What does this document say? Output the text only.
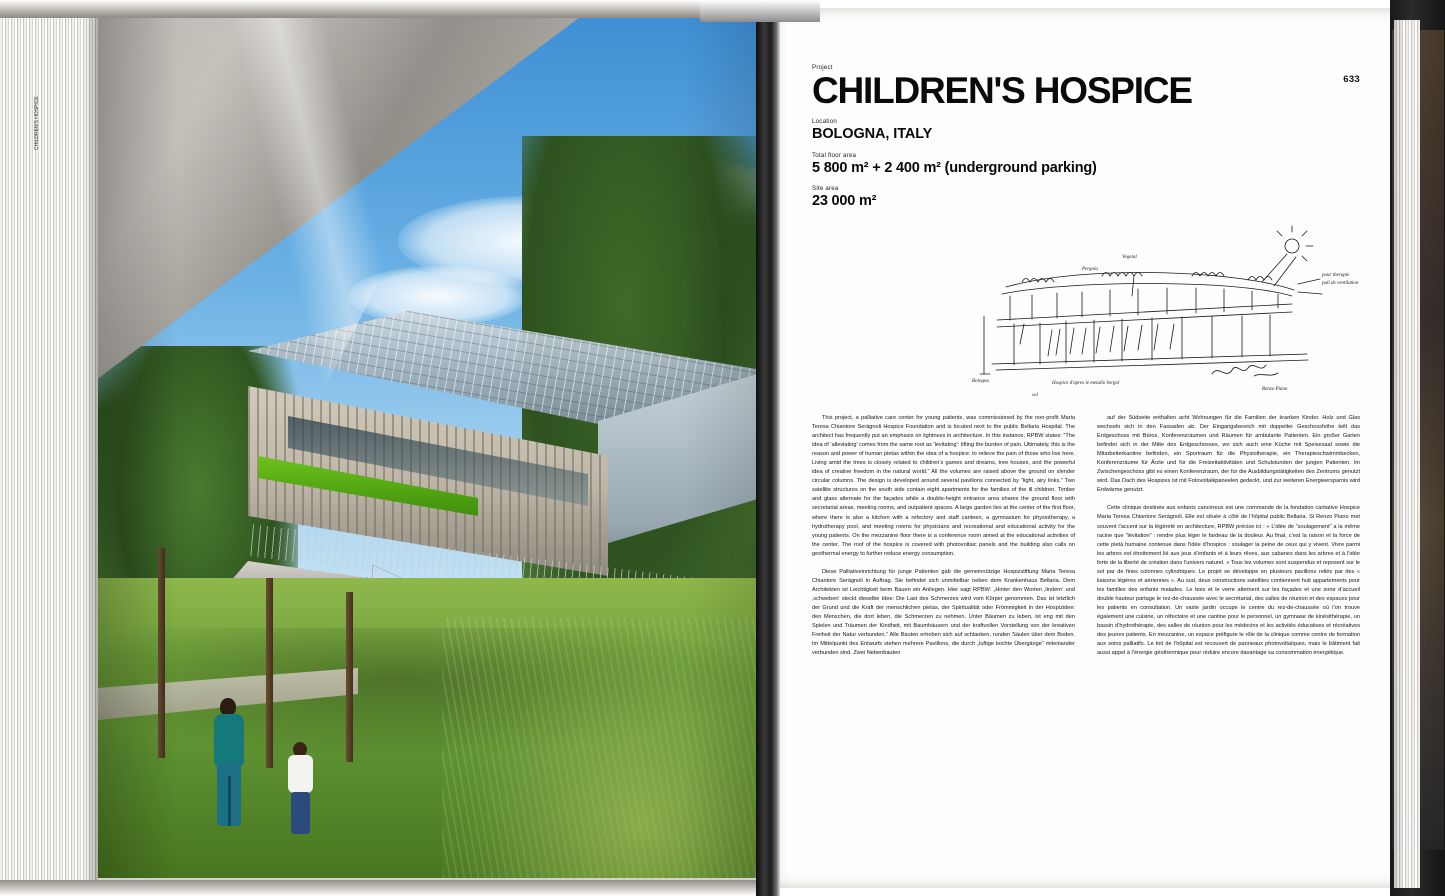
CHILDREN'S HOSPICE
633
Project
CHILDREN'S HOSPICE
Location
BOLOGNA, ITALY
Total floor area
5 800 m² + 2 400 m² (underground parking)
Site area
23 000 m²
Pergola
Vegetal
Bologna	Hospice d'apres le metallo bergol
sol
pour therapie
pull de ventilation
Renzo Piano

This project, a palliative care center for young patients, was commissioned by the non-profit Maria Teresa Chiantore Seràgnoli Hospice Foundation and is located next to the public Bellaria Hospital. The architect has frequently put an emphasis on lightness in architecture. In this instance, RPBW states: “The idea of ‘alleviating’ comes from the same root as ‘levitating’: lifting the burden of pain. Ultimately, this is the reason and power of human pietas within the idea of a hospice: to relieve the pain of those who live here. Living amid the trees is closely related to children’s games and dreams, tree houses, and the powerful idea of creative freedom in the natural world.” All the volumes are raised above the ground on slender circular columns. The design is developed around several pavilions connected by “light, airy links.” Two satellite structures on the south side contain eight apartments for the families of the ill children. Timber and glass alternate for the façades while a double-height entrance area shares the ground floor with secretarial areas, meeting rooms, and outpatient spaces. A large garden lies at the center of the first floor, where there is also a kitchen with a refectory and staff canteen, a gymnasium for physiotherapy, a hydrotherapy pool, and meeting rooms for physicians and recreational and educational activity for the young patients. On the mezzanine floor there is a conference room aimed at the educational activities of the center. The roof of the hospice is covered with photovoltaic panels and the building also calls on geothermal energy to further reduce energy consumption.

Diese Palliativeinrichtung für junge Patienten gab die gemeinnützige Hospizstiftung Maria Teresa Chiantore Seràgnoli in Auftrag. Sie befindet sich unmittelbar neben dem Krankenhaus Bellaria. Dem Architekten ist Leichtigkeit beim Bauen ein Anliegen. Hier sagt RPBW: „Hinter den Worten ‚lindern‘ und ‚schweben‘ steckt dieselbe Idee: Die Last des Schmerzes wird vom Körper genommen. Das ist letztlich der Grund und die Kraft der menschlichen pietas, der Spiritualität oder Frömmigkeit in der Hospizidee: den Menschen, die dort leben, die Schmerzen zu nehmen. Unter Bäumen zu leben, ist eng mit den Spielen und Träumen der Kindheit, mit Baumhäusern und der kraftvollen Vorstellung von der kreativen Freiheit der Natur verbunden.“ Alle Bauten erheben sich auf schlanken, runden Säulen über dem Boden. Im Mittelpunkt des Entwurfs stehen mehrere Pavillons, die durch „luftige leichte Übergänge“ miteinander verbunden sind. Zwei Nebenbauten

auf der Südseite enthalten acht Wohnungen für die Familien der kranken Kinder. Holz und Glas wechseln sich in den Fassaden ab. Der Eingangsbereich mit doppelter Geschosshöhe teilt das Erdgeschoss mit Büros, Konferenzräumen und Räumen für ambulante Patienten. Ein großer Garten befindet sich in der Mitte des Erdgeschosses, wo sich auch eine Küche mit Speisesaal sowie die Mitarbeiterkantine befinden, ein Sportraum für die Physiotherapie, ein Therapieschwimmbecken, Konferenzräume für Ärzte und für die Freizeitaktivitäten und Schulstunden der jungen Patienten. Im Zwischengeschoss gibt es einen Konferenzraum, der für die Ausbildungstätigkeiten des Zentrums genutzt wird. Das Dach des Hospizes ist mit Fotovoltaikpaneelen gedeckt, und zur weiteren Energieersparnis wird Erdwärme genutzt.

Cette clinique destinée aux enfants cancéreux est une commande de la fondation caritative Hospice Maria Teresa Chiantore Seràgnoli. Elle est située à côté de l’hôpital public Bellaria. Si Renzo Piano met souvent l’accent sur la légèreté en architecture, RPBW précise ici : « L’idée de “soulagement” a la même racine que “lévitation” : rendre plus léger le fardeau de la douleur. Au final, c’est la raison et la force de cette pietà humaine contenue dans l’idée d’hospice : soulager la peine de ceux qui y vivent. Vivre parmi les arbres est étroitement lié aux jeux d’enfants et à leurs rêves, aux cabanes dans les arbres et à l’idée forte de la liberté de création dans l’univers naturel. » Tous les volumes sont suspendus et reposent sur le sol par de fines colonnes cylindriques. Le projet se développe en plusieurs pavillons reliés par des « liaisons légères et aériennes ». Au sud, deux constructions satellites contiennent huit appartements pour les familles des enfants malades. Le bois et le verre alternent sur les façades et une zone d’accueil double hauteur partage le rez-de-chaussée avec le secrétariat, des salles de réunion et des espaces pour les patients en consultation. Un vaste jardin occupe le centre du rez-de-chaussée où l’on trouve également une cuisine, un réfectoire et une cantine pour le personnel, un gymnase de kinésithérapie, un bassin d’hydrothérapie, des salles de réunion pour les médecins et les activités éducatives et récréatives des jeunes patients. En mezzanine, un espace préfigure le rôle de la clinique comme centre de formation aux soins palliatifs. Le toit de l’hôpital est recouvert de panneaux photovoltaïques, mais le bâtiment fait aussi appel à l’énergie géothermique pour réduire encore davantage sa consommation énergétique.
